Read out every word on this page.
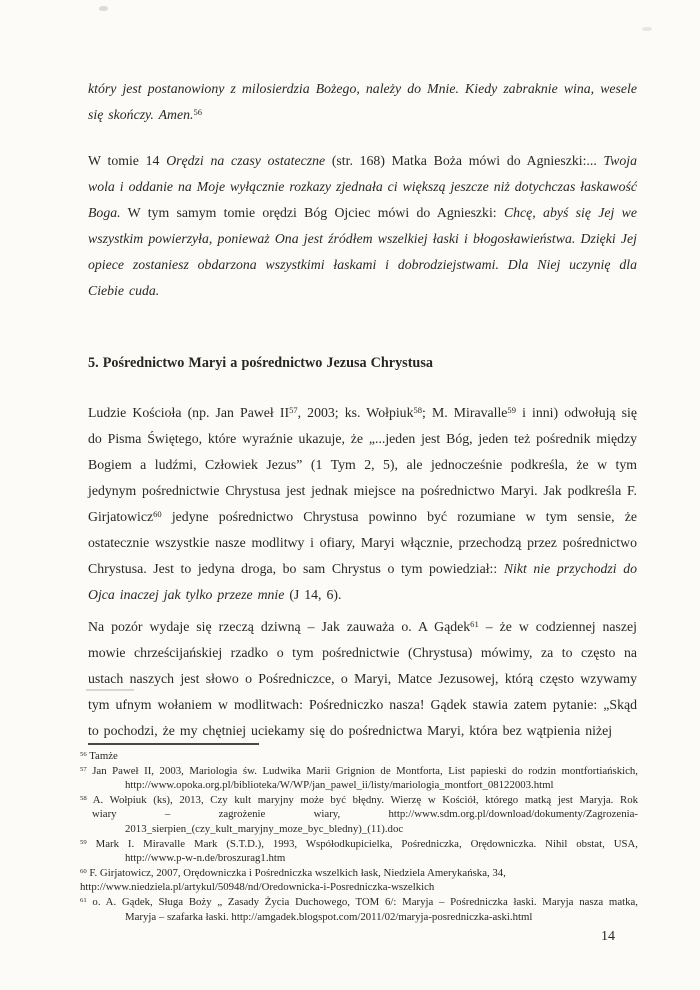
który jest postanowiony z milosierdzia Bożego, należy do Mnie. Kiedy zabraknie wina, wesele się skończy. Amen.$^{56}$
W tomie 14 Orędzi na czasy ostateczne (str. 168) Matka Boża mówi do Agnieszki:... Twoja wola i oddanie na Moje wyłącznie rozkazy zjednała ci większą jeszcze niż dotychczas łaskawość Boga. W tym samym tomie orędzi Bóg Ojciec mówi do Agnieszki: Chcę, abyś się Jej we wszystkim powierzyła, ponieważ Ona jest źródłem wszelkiej łaski i błogosławieństwa. Dzięki Jej opiece zostaniesz obdarzona wszystkimi łaskami i dobrodziejstwami. Dla Niej uczynię dla Ciebie cuda.
5. Pośrednictwo Maryi a pośrednictwo Jezusa Chrystusa
Ludzie Kościoła (np. Jan Paweł II$^{57}$, 2003; ks. Wołpiuk$^{58}$; M. Miravalle$^{59}$ i inni) odwołują się do Pisma Świętego, które wyraźnie ukazuje, że „...jeden jest Bóg, jeden też pośrednik między Bogiem a ludźmi, Człowiek Jezus” (1 Tym 2, 5), ale jednocześnie podkreśla, że w tym jedynym pośrednictwie Chrystusa jest jednak miejsce na pośrednictwo Maryi. Jak podkreśla F. Girjatowicz$^{60}$ jedyne pośrednictwo Chrystusa powinno być rozumiane w tym sensie, że ostatecznie wszystkie nasze modlitwy i ofiary, Maryi włącznie, przechodzą przez pośrednictwo Chrystusa. Jest to jedyna droga, bo sam Chrystus o tym powiedział:: Nikt nie przychodzi do Ojca inaczej jak tylko przeze mnie (J 14, 6).
Na pozór wydaje się rzeczą dziwną – Jak zauważa o. A Gądek$^{61}$ – że w codziennej naszej mowie chrześcijańskiej rzadko o tym pośrednictwie (Chrystusa) mówimy, za to często na ustach naszych jest słowo o Pośredniczce, o Maryi, Matce Jezusowej, którą często wzywamy tym ufnym wołaniem w modlitwach: Pośredniczko nasza! Gądek stawia zatem pytanie: „Skąd to pochodzi, że my chętniej uciekamy się do pośrednictwa Maryi, która bez wątpienia niżej
$^{56}$ Tamże
$^{57}$ Jan Paweł II, 2003, Mariologia św. Ludwika Marii Grignion de Montforta, List papieski do rodzin montfortiańskich,
http://www.opoka.org.pl/biblioteka/W/WP/jan_pawel_ii/listy/mariologia_montfort_08122003.html
$^{58}$ A. Wołpiuk (ks), 2013, Czy kult maryjny może być błędny. Wierzę w Kościół, którego matką jest Maryja. Rok
wiary – zagrożenie wiary, http://www.sdm.org.pl/download/dokumenty/Zagrozenia-
2013_sierpien_(czy_kult_maryjny_moze_byc_bledny)_(11).doc
$^{59}$ Mark I. Miravalle Mark (S.T.D.), 1993, Współodkupicielka, Pośredniczka, Orędowniczka. Nihil obstat, USA,
http://www.p-w-n.de/broszurag1.htm
$^{60}$ F. Girjatowicz, 2007, Orędowniczka i Pośredniczka wszelkich łask, Niedziela Amerykańska, 34,
http://www.niedziela.pl/artykul/50948/nd/Oredownicka-i-Posredniczka-wszelkich
$^{61}$ o. A. Gądek, Sługa Boży „ Zasady Życia Duchowego, TOM 6/: Maryja – Pośredniczka łaski. Maryja nasza matka,
Maryja – szafarka łaski. http://amgadek.blogspot.com/2011/02/maryja-posredniczka-aski.html
14
